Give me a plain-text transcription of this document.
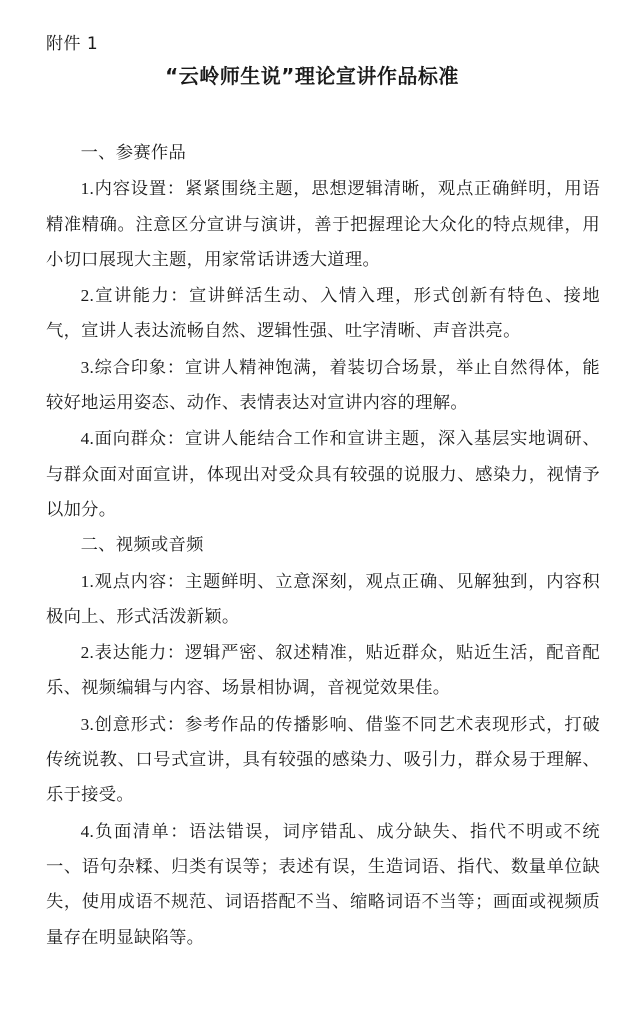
附件 1
“云岭师生说”理论宣讲作品标准

一、参赛作品

1.内容设置：紧紧围绕主题，思想逻辑清晰，观点正确鲜明，用语精准精确。注意区分宣讲与演讲，善于把握理论大众化的特点规律，用小切口展现大主题，用家常话讲透大道理。

2.宣讲能力：宣讲鲜活生动、入情入理，形式创新有特色、接地气，宣讲人表达流畅自然、逻辑性强、吐字清晰、声音洪亮。

3.综合印象：宣讲人精神饱满，着装切合场景，举止自然得体，能较好地运用姿态、动作、表情表达对宣讲内容的理解。

4.面向群众：宣讲人能结合工作和宣讲主题，深入基层实地调研、与群众面对面宣讲，体现出对受众具有较强的说服力、感染力，视情予以加分。

二、视频或音频

1.观点内容：主题鲜明、立意深刻，观点正确、见解独到，内容积极向上、形式活泼新颖。

2.表达能力：逻辑严密、叙述精准，贴近群众，贴近生活，配音配乐、视频编辑与内容、场景相协调，音视觉效果佳。

3.创意形式：参考作品的传播影响、借鉴不同艺术表现形式，打破传统说教、口号式宣讲，具有较强的感染力、吸引力，群众易于理解、乐于接受。

4.负面清单：语法错误，词序错乱、成分缺失、指代不明或不统一、语句杂糅、归类有误等；表述有误，生造词语、指代、数量单位缺失，使用成语不规范、词语搭配不当、缩略词语不当等；画面或视频质量存在明显缺陷等。
